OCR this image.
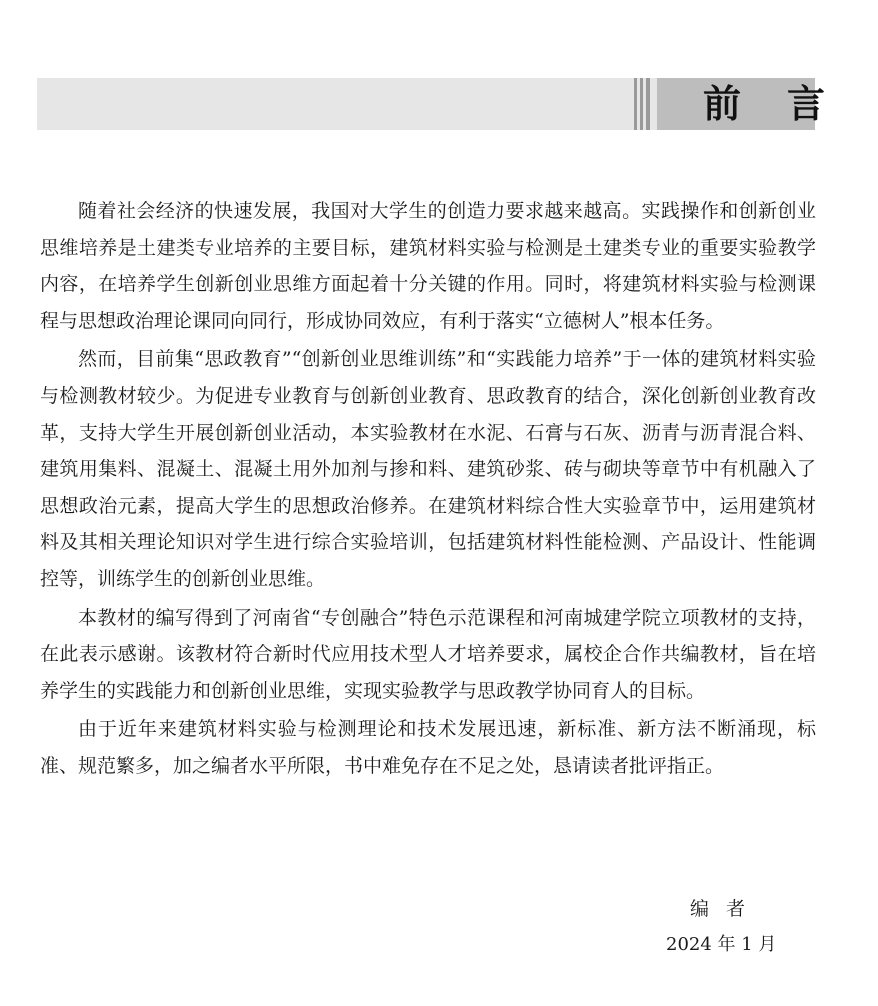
前言

随着社会经济的快速发展，我国对大学生的创造力要求越来越高。实践操作和创新创业思维培养是土建类专业培养的主要目标，建筑材料实验与检测是土建类专业的重要实验教学内容，在培养学生创新创业思维方面起着十分关键的作用。同时，将建筑材料实验与检测课程与思想政治理论课同向同行，形成协同效应，有利于落实“立德树人”根本任务。

然而，目前集“思政教育”“创新创业思维训练”和“实践能力培养”于一体的建筑材料实验与检测教材较少。为促进专业教育与创新创业教育、思政教育的结合，深化创新创业教育改革，支持大学生开展创新创业活动，本实验教材在水泥、石膏与石灰、沥青与沥青混合料、建筑用集料、混凝土、混凝土用外加剂与掺和料、建筑砂浆、砖与砌块等章节中有机融入了思想政治元素，提高大学生的思想政治修养。在建筑材料综合性大实验章节中，运用建筑材料及其相关理论知识对学生进行综合实验培训，包括建筑材料性能检测、产品设计、性能调控等，训练学生的创新创业思维。

本教材的编写得到了河南省“专创融合”特色示范课程和河南城建学院立项教材的支持，在此表示感谢。该教材符合新时代应用技术型人才培养要求，属校企合作共编教材，旨在培养学生的实践能力和创新创业思维，实现实验教学与思政教学协同育人的目标。

由于近年来建筑材料实验与检测理论和技术发展迅速，新标准、新方法不断涌现，标准、规范繁多，加之编者水平所限，书中难免存在不足之处，恳请读者批评指正。

编者
2024 年 1 月
